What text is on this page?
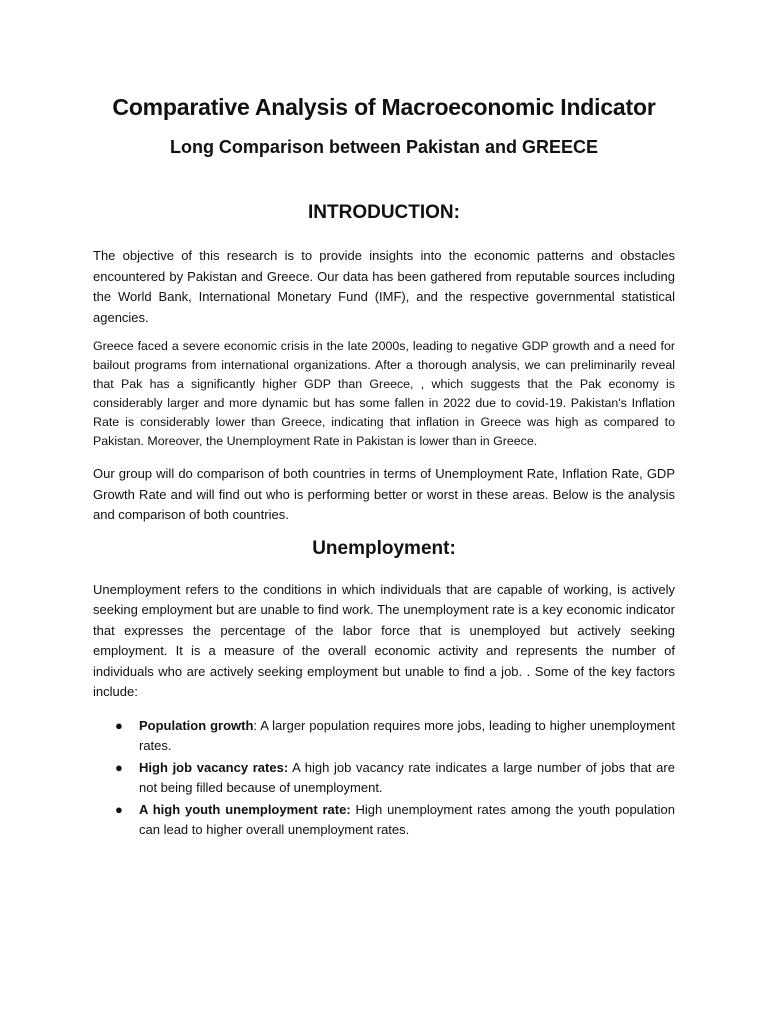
Comparative Analysis of Macroeconomic Indicator
Long Comparison between Pakistan and GREECE
INTRODUCTION:

The objective of this research is to provide insights into the economic patterns and obstacles encountered by Pakistan and Greece. Our data has been gathered from reputable sources including the World Bank, International Monetary Fund (IMF), and the respective governmental statistical agencies.

Greece faced a severe economic crisis in the late 2000s, leading to negative GDP growth and a need for bailout programs from international organizations. After a thorough analysis, we can preliminarily reveal that Pak has a significantly higher GDP than Greece, , which suggests that the Pak economy is considerably larger and more dynamic but has some fallen in 2022 due to covid-19. Pakistan's Inflation Rate is considerably lower than Greece, indicating that inflation in Greece was high as compared to Pakistan. Moreover, the Unemployment Rate in Pakistan is lower than in Greece.

Our group will do comparison of both countries in terms of Unemployment Rate, Inflation Rate, GDP Growth Rate and will find out who is performing better or worst in these areas. Below is the analysis and comparison of both countries.

Unemployment:

Unemployment refers to the conditions in which individuals that are capable of working, is actively seeking employment but are unable to find work. The unemployment rate is a key economic indicator that expresses the percentage of the labor force that is unemployed but actively seeking employment. It is a measure of the overall economic activity and represents the number of individuals who are actively seeking employment but unable to find a job. . Some of the key factors include:

● Population growth: A larger population requires more jobs, leading to higher unemployment rates.
● High job vacancy rates: A high job vacancy rate indicates a large number of jobs that are not being filled because of unemployment.
● A high youth unemployment rate: High unemployment rates among the youth population can lead to higher overall unemployment rates.
